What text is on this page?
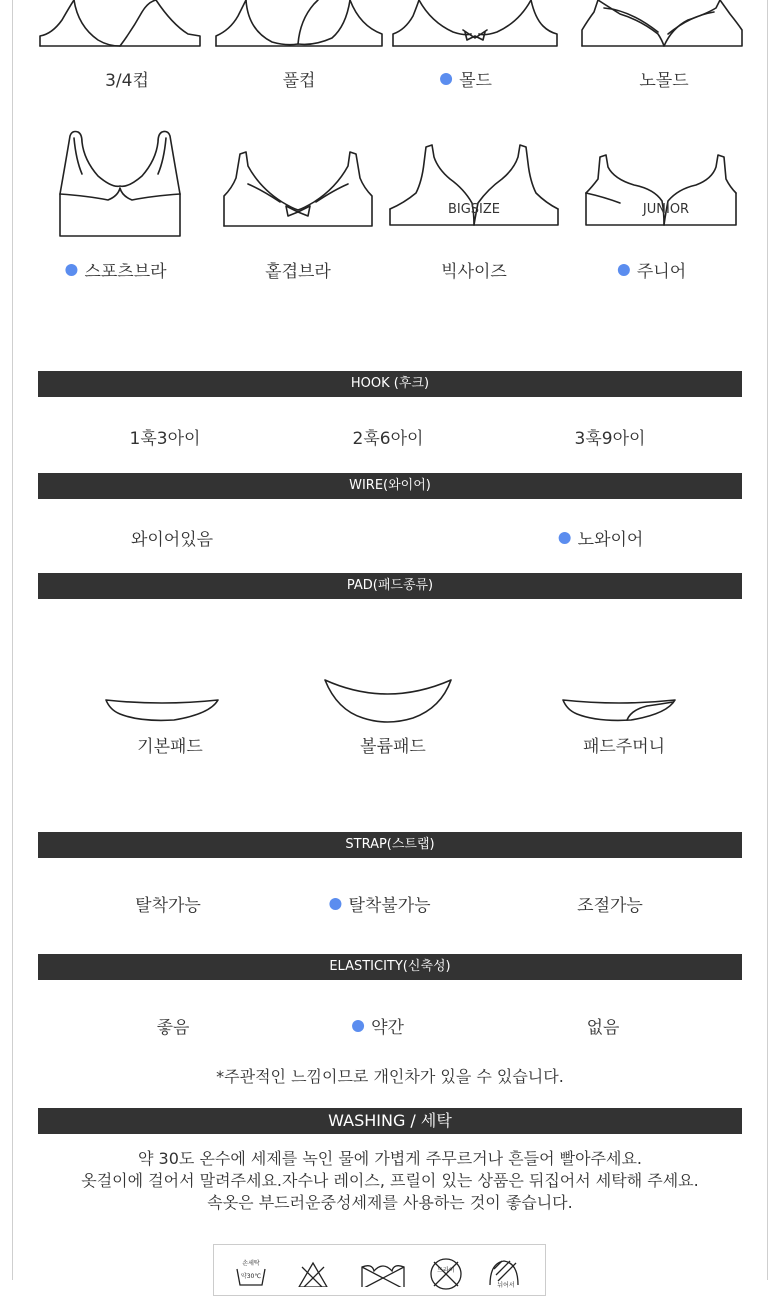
3/4컵	풀컵	몰드	노몰드
BIGSIZE	JUNIOR
스포츠브라	홑겹브라	빅사이즈	주니어
HOOK (후크)
1훅3아이	2훅6아이	3훅9아이
WIRE(와이어)
와이어있음	노와이어
PAD(패드종류)
기본패드	볼륨패드	패드주머니
STRAP(스트랩)
탈착가능	탈착불가능	조절가능
ELASTICITY(신축성)
좋음	약간	없음
*주관적인 느낌이므로 개인차가 있을 수 있습니다.
WASHING / 세탁
약 30도 온수에 세제를 녹인 물에 가볍게 주무르거나 흔들어 빨아주세요.
옷걸이에 걸어서 말려주세요.자수나 레이스, 프릴이 있는 상품은 뒤집어서 세탁해 주세요.
속옷은 부드러운중성세제를 사용하는 것이 좋습니다.
손세탁
약30℃
드라이
뉘어서
